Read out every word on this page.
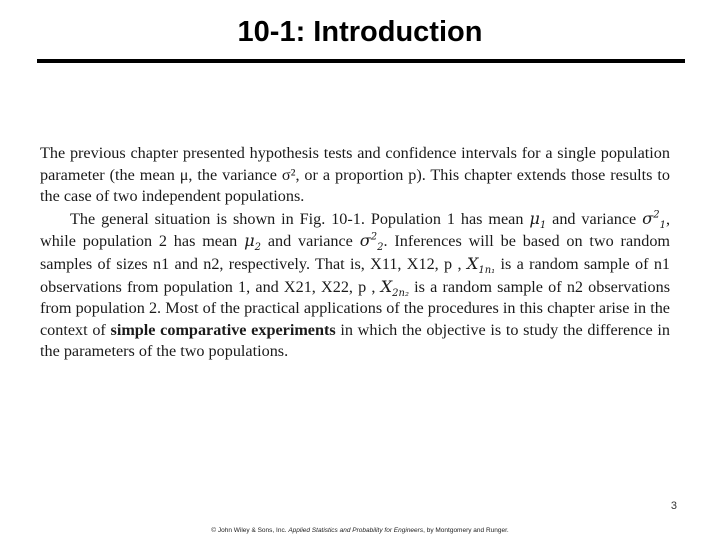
10-1: Introduction

The previous chapter presented hypothesis tests and confidence intervals for a single population parameter (the mean μ, the variance σ², or a proportion p). This chapter extends those results to the case of two independent populations.

The general situation is shown in Fig. 10-1. Population 1 has mean $\mu_1$ and variance $\sigma^2_1$, while population 2 has mean $\mu_2$ and variance $\sigma^2_2$. Inferences will be based on two random samples of sizes n1 and n2, respectively. That is, X11, X12, p , $X_{1n_1}$ is a random sample of n1 observations from population 1, and X21, X22, p , $X_{2n_2}$ is a random sample of n2 observations from population 2. Most of the practical applications of the procedures in this chapter arise in the context of simple comparative experiments in which the objective is to study the difference in the parameters of the two populations.

3
© John Wiley & Sons, Inc. Applied Statistics and Probability for Engineers, by Montgomery and Runger.
